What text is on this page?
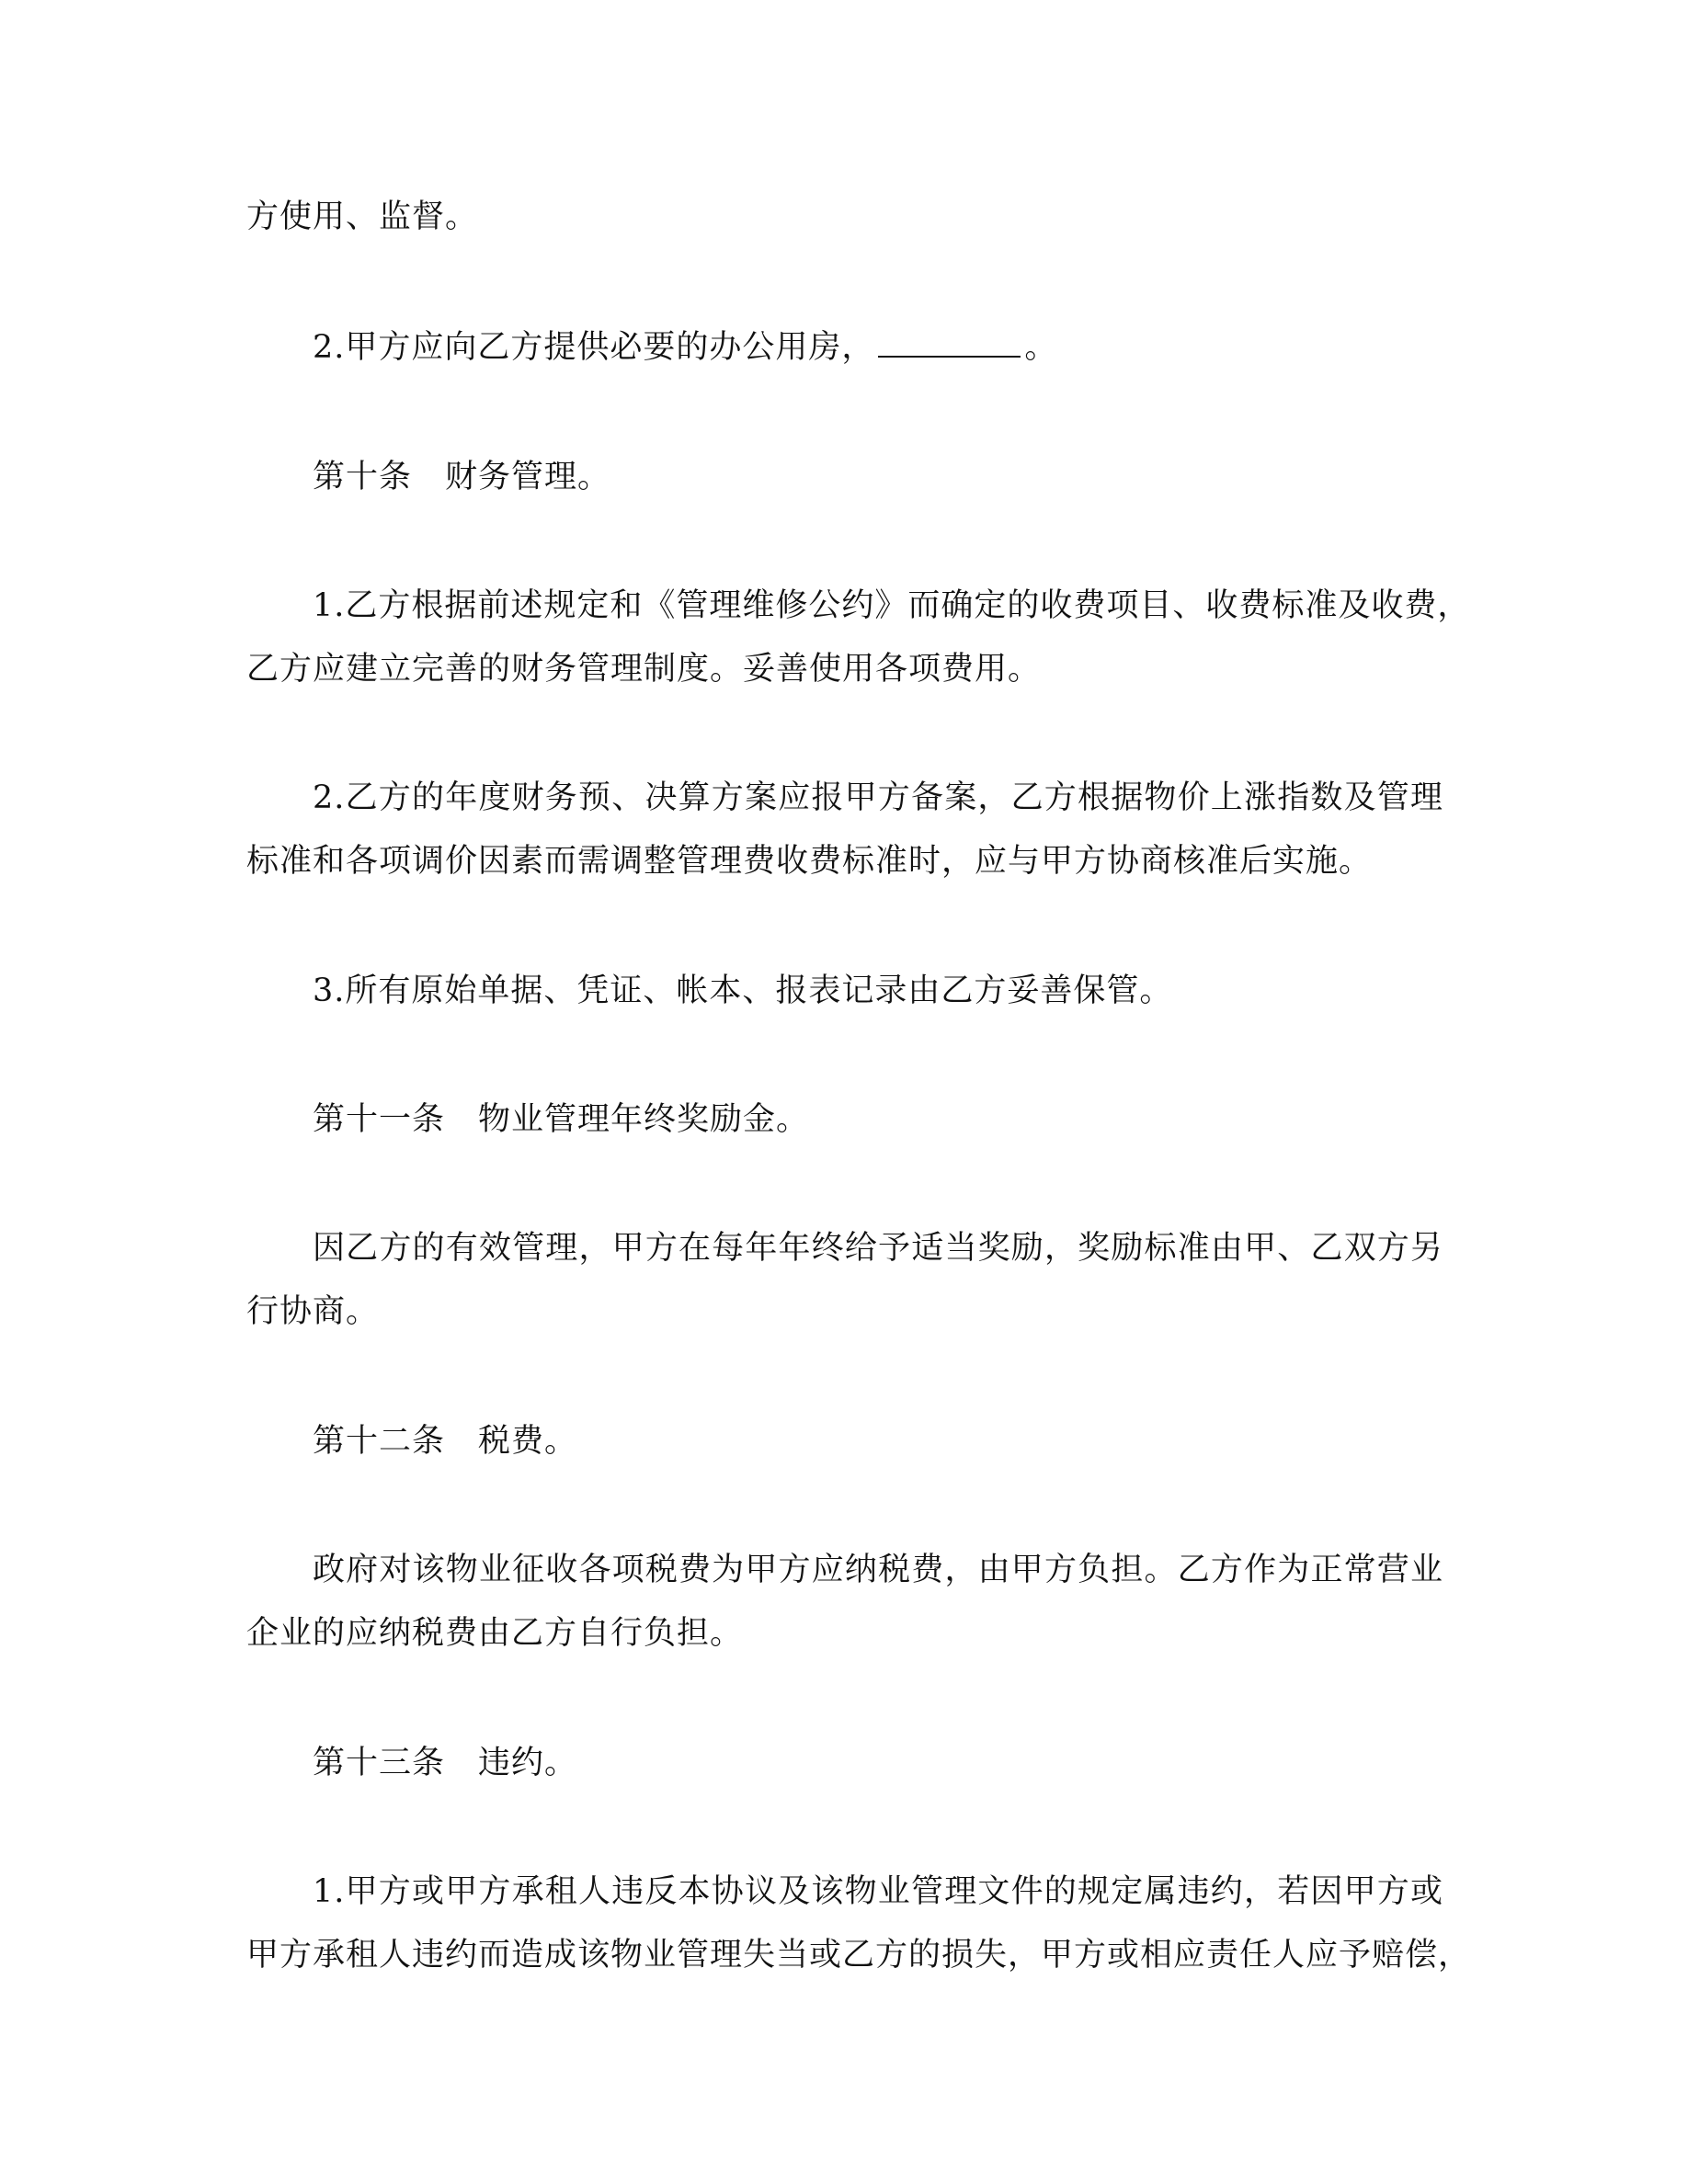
方使用、监督。
2.甲方应向乙方提供必要的办公用房，	。
第十条　财务管理。
1.乙方根据前述规定和《管理维修公约》而确定的收费项目、收费标准及收费，
乙方应建立完善的财务管理制度。妥善使用各项费用。
2.乙方的年度财务预、决算方案应报甲方备案，乙方根据物价上涨指数及管理
标准和各项调价因素而需调整管理费收费标准时，应与甲方协商核准后实施。
3.所有原始单据、凭证、帐本、报表记录由乙方妥善保管。
第十一条　物业管理年终奖励金。
因乙方的有效管理，甲方在每年年终给予适当奖励，奖励标准由甲、乙双方另
行协商。
第十二条　税费。
政府对该物业征收各项税费为甲方应纳税费，由甲方负担。乙方作为正常营业
企业的应纳税费由乙方自行负担。
第十三条　违约。
1.甲方或甲方承租人违反本协议及该物业管理文件的规定属违约，若因甲方或
甲方承租人违约而造成该物业管理失当或乙方的损失，甲方或相应责任人应予赔偿，
